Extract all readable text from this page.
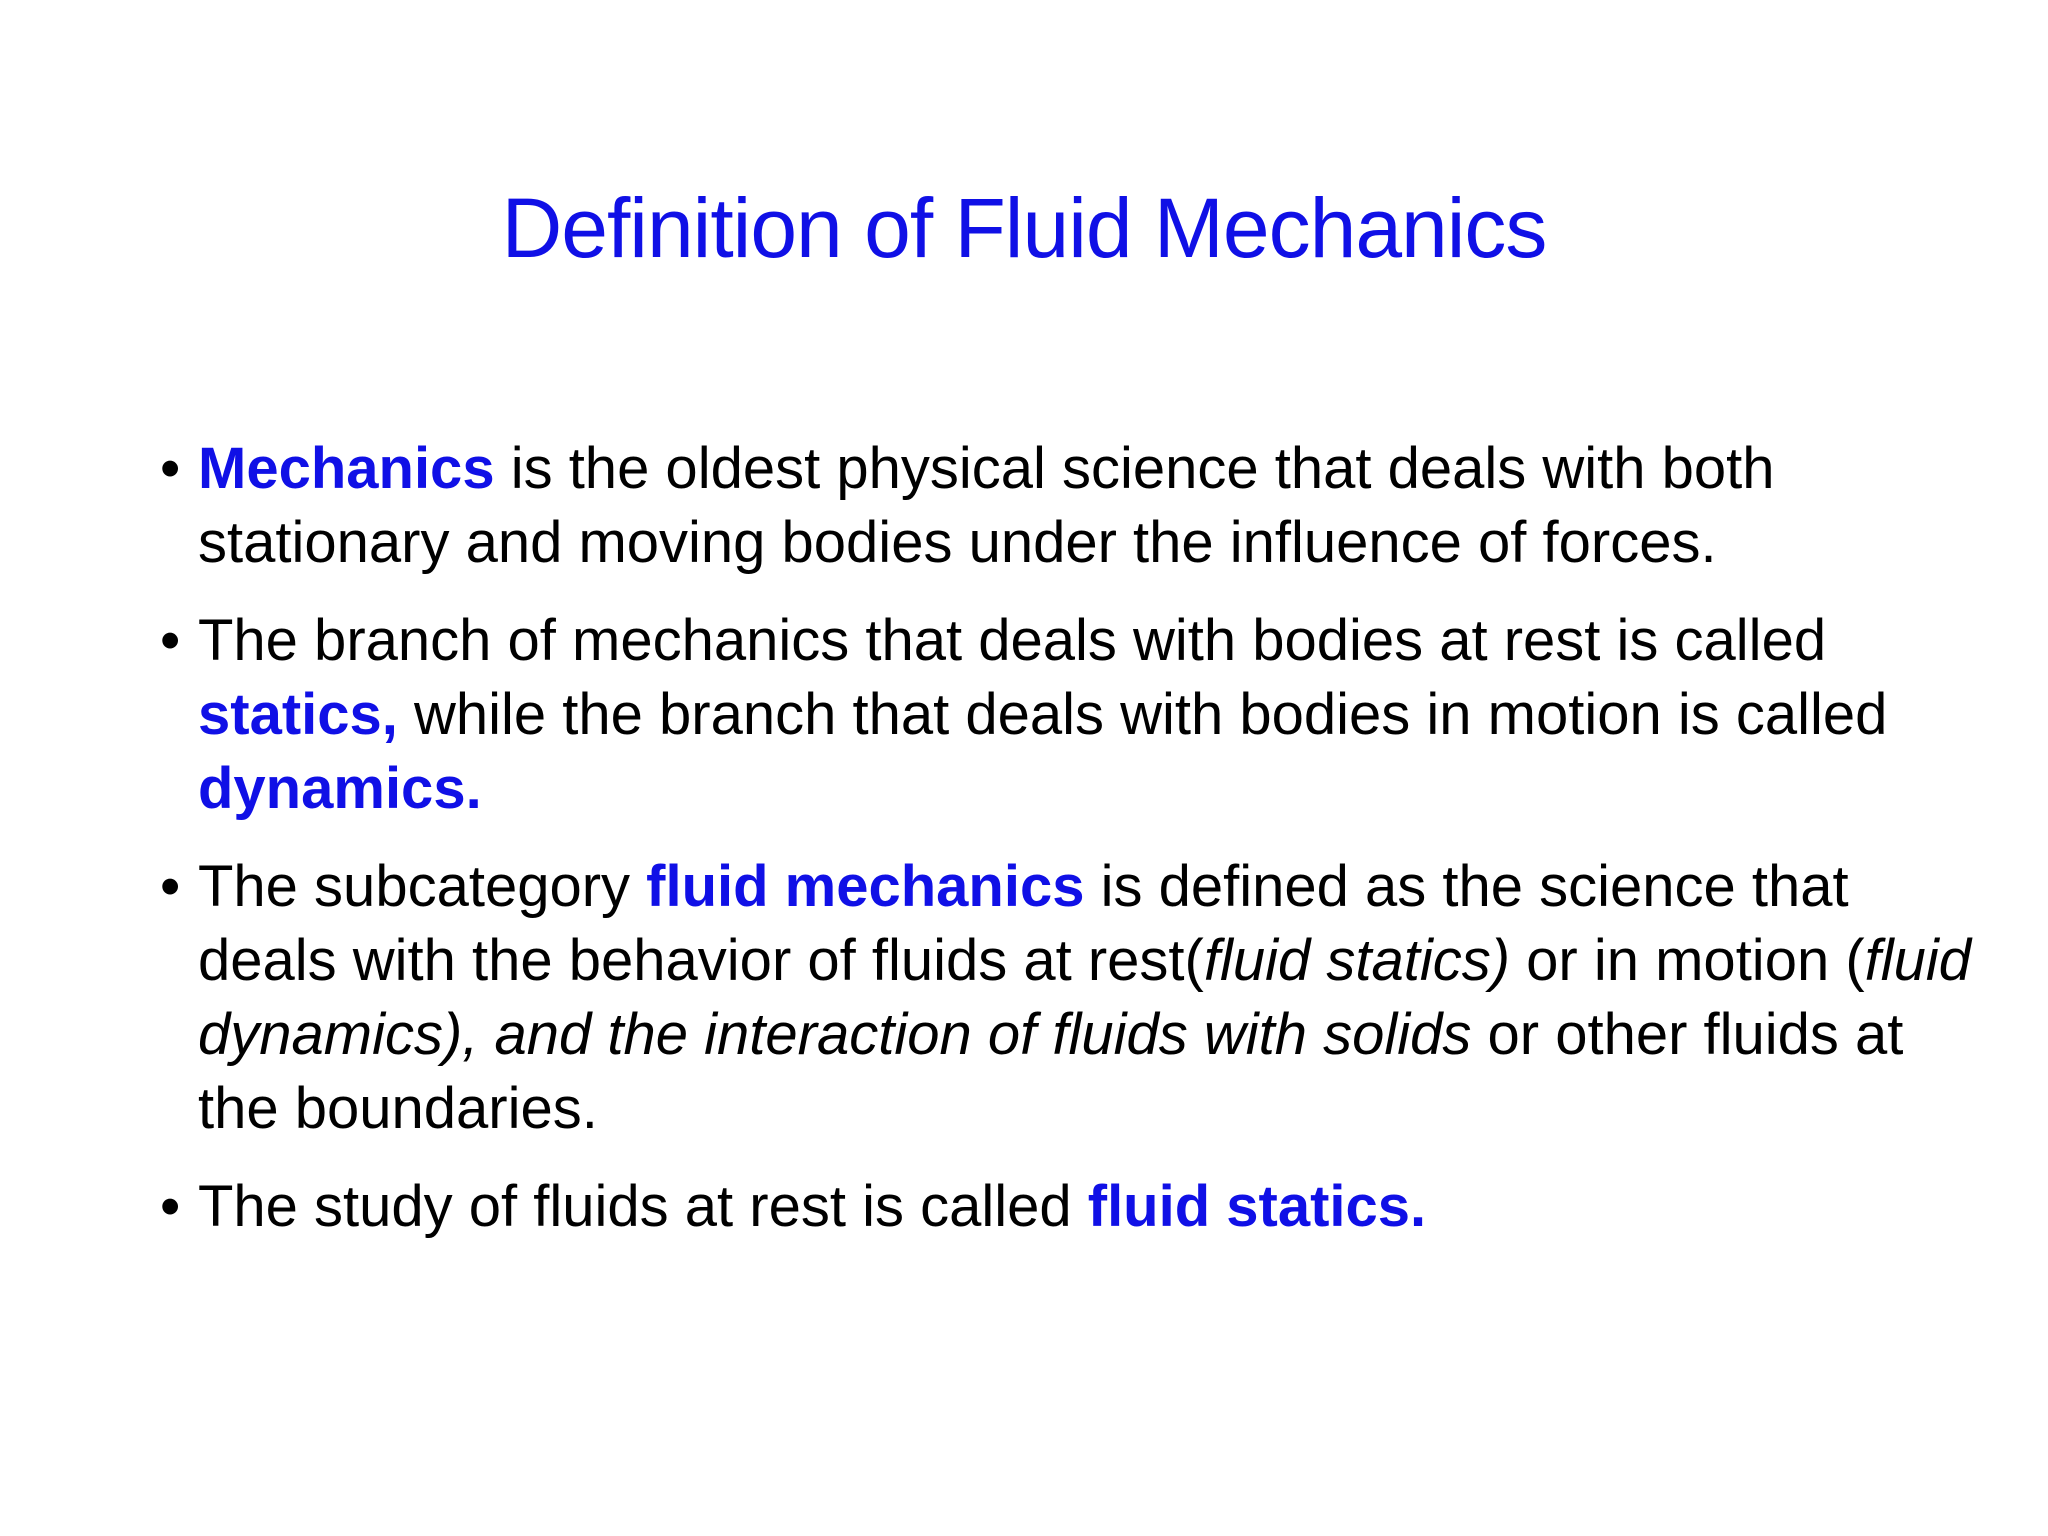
Definition of Fluid Mechanics
• Mechanics is the oldest physical science that deals with both stationary and moving bodies under the influence of forces.
• The branch of mechanics that deals with bodies at rest is called statics, while the branch that deals with bodies in motion is called dynamics.
• The subcategory fluid mechanics is defined as the science that deals with the behavior of fluids at rest(fluid statics) or in motion (fluid dynamics), and the interaction of fluids with solids or other fluids at the boundaries.
• The study of fluids at rest is called fluid statics.
